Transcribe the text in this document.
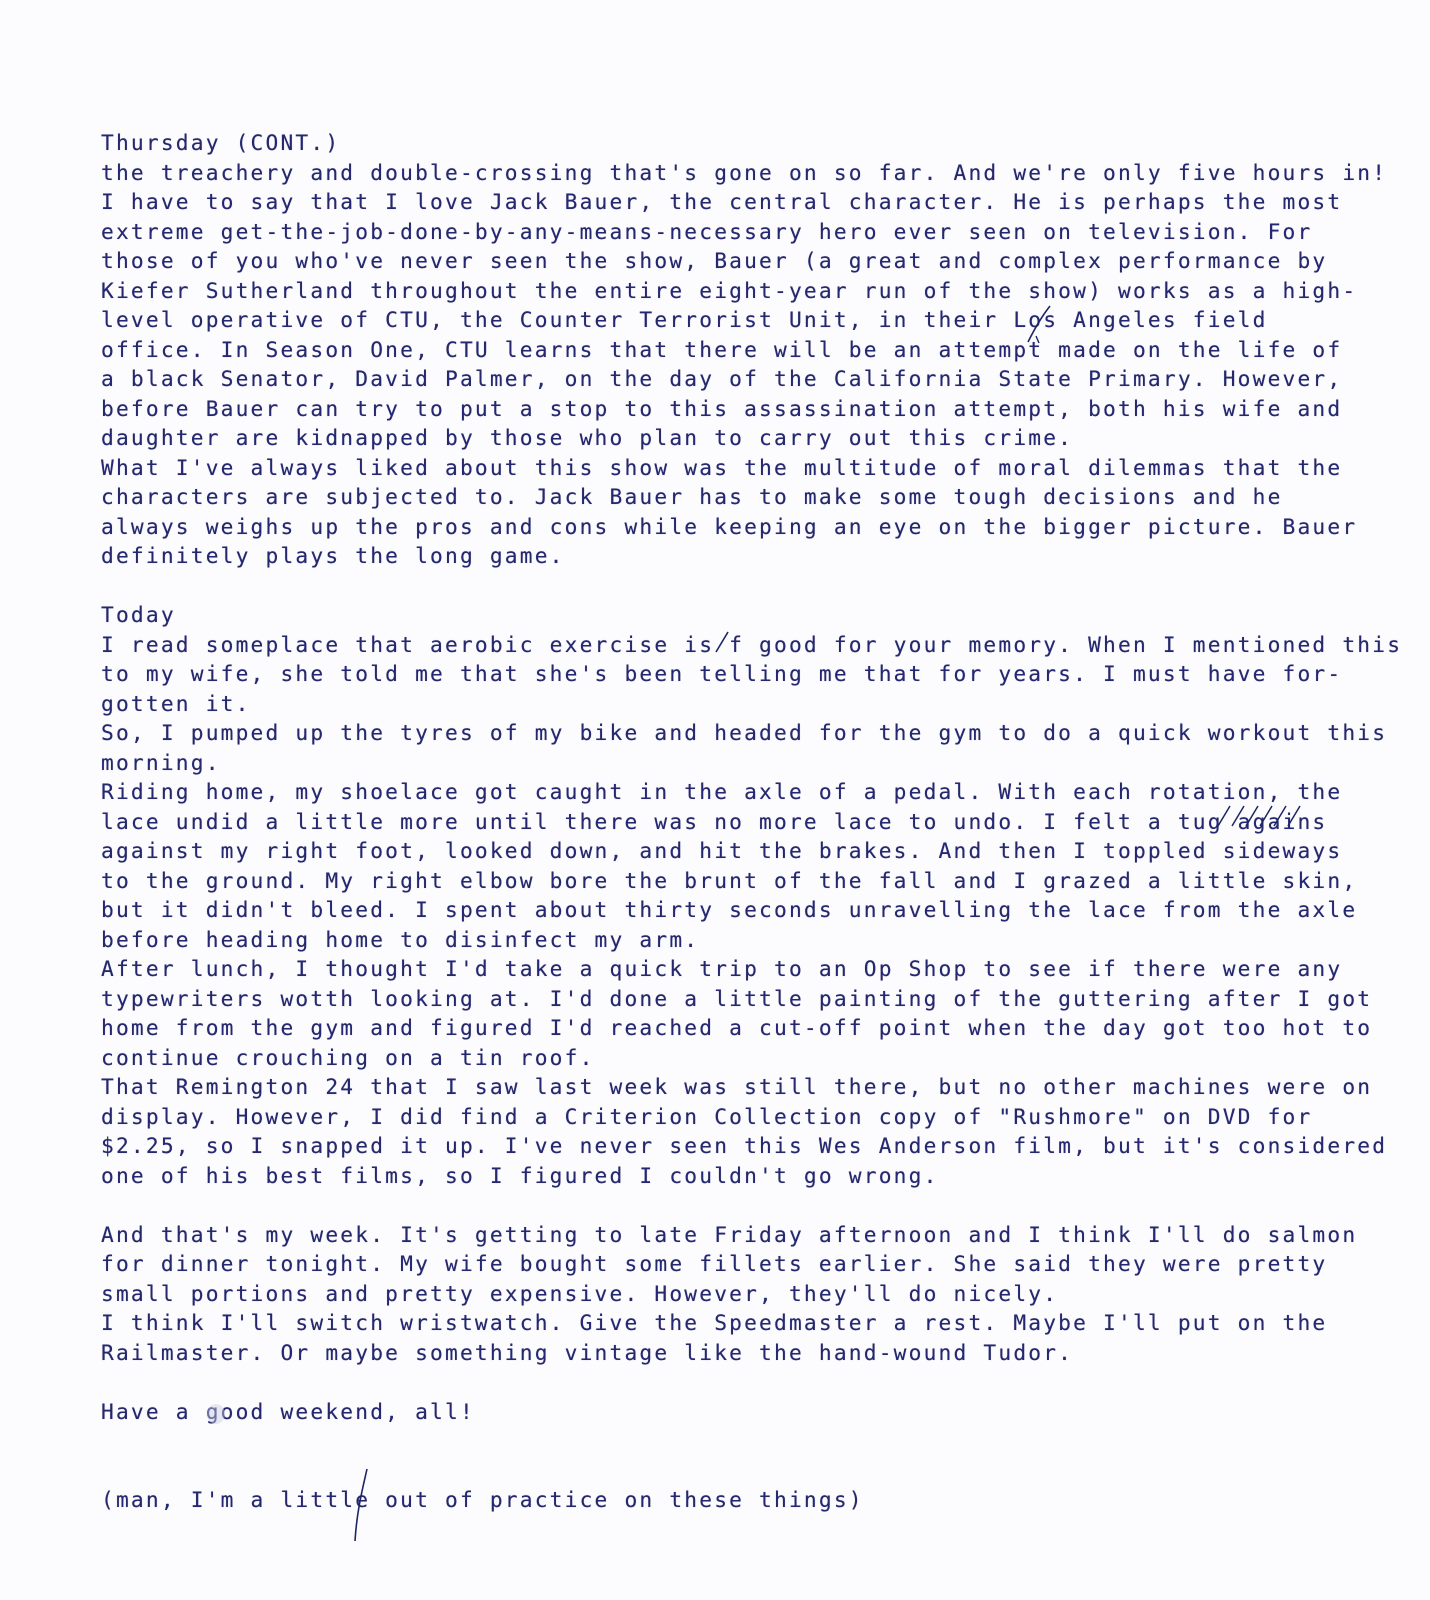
Thursday (CONT.)
the treachery and double-crossing that's gone on so far. And we're only five hours in!
I have to say that I love Jack Bauer, the central character. He is perhaps the most
extreme get-the-job-done-by-any-means-necessary hero ever seen on television. For
those of you who've never seen the show, Bauer (a great and complex performance by
Kiefer Sutherland throughout the entire eight-year run of the show) works as a high-
level operative of CTU, the Counter Terrorist Unit, in their Los Angeles field
office. In Season One, CTU learns that there will be an attempt made on the life of
a black Senator, David Palmer, on the day of the California State Primary. However,
before Bauer can try to put a stop to this assassination attempt, both his wife and
daughter are kidnapped by those who plan to carry out this crime.
What I've always liked about this show was the multitude of moral dilemmas that the
characters are subjected to. Jack Bauer has to make some tough decisions and he
always weighs up the pros and cons while keeping an eye on the bigger picture. Bauer
definitely plays the long game.
Today
I read someplace that aerobic exercise is f good for your memory. When I mentioned this
to my wife, she told me that she's been telling me that for years. I must have for-
gotten it.
So, I pumped up the tyres of my bike and headed for the gym to do a quick workout this
morning.
Riding home, my shoelace got caught in the axle of a pedal. With each rotation, the
lace undid a little more until there was no more lace to undo. I felt a tug agains
against my right foot, looked down, and hit the brakes. And then I toppled sideways
to the ground. My right elbow bore the brunt of the fall and I grazed a little skin,
but it didn't bleed. I spent about thirty seconds unravelling the lace from the axle
before heading home to disinfect my arm.
After lunch, I thought I'd take a quick trip to an Op Shop to see if there were any
typewriters wotth looking at. I'd done a little painting of the guttering after I got
home from the gym and figured I'd reached a cut-off point when the day got too hot to
continue crouching on a tin roof.
That Remington 24 that I saw last week was still there, but no other machines were on
display. However, I did find a Criterion Collection copy of "Rushmore" on DVD for
$2.25, so I snapped it up. I've never seen this Wes Anderson film, but it's considered
one of his best films, so I figured I couldn't go wrong.
And that's my week. It's getting to late Friday afternoon and I think I'll do salmon
for dinner tonight. My wife bought some fillets earlier. She said they were pretty
small portions and pretty expensive. However, they'll do nicely.
I think I'll switch wristwatch. Give the Speedmaster a rest. Maybe I'll put on the
Railmaster. Or maybe something vintage like the hand-wound Tudor.
Have a good weekend, all!
(man, I'm a little out of practice on these things)
